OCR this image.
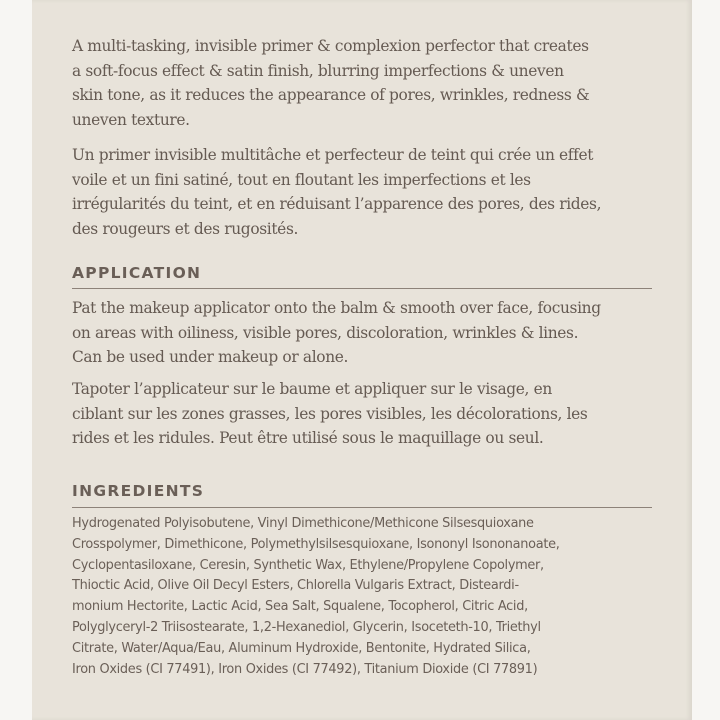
A multi-tasking, invisible primer & complexion perfector that creates
a soft-focus effect & satin finish, blurring imperfections & uneven
skin tone, as it reduces the appearance of pores, wrinkles, redness &
uneven texture.

Un primer invisible multitâche et perfecteur de teint qui crée un effet
voile et un fini satiné, tout en floutant les imperfections et les
irrégularités du teint, et en réduisant l’apparence des pores, des rides,
des rougeurs et des rugosités.

APPLICATION

Pat the makeup applicator onto the balm & smooth over face, focusing
on areas with oiliness, visible pores, discoloration, wrinkles & lines.
Can be used under makeup or alone.

Tapoter l’applicateur sur le baume et appliquer sur le visage, en
ciblant sur les zones grasses, les pores visibles, les décolorations, les
rides et les ridules. Peut être utilisé sous le maquillage ou seul.

INGREDIENTS

Hydrogenated Polyisobutene, Vinyl Dimethicone/Methicone Silsesquioxane
Crosspolymer, Dimethicone, Polymethylsilsesquioxane, Isononyl Isononanoate,
Cyclopentasiloxane, Ceresin, Synthetic Wax, Ethylene/Propylene Copolymer,
Thioctic Acid, Olive Oil Decyl Esters, Chlorella Vulgaris Extract, Disteardi-
monium Hectorite, Lactic Acid, Sea Salt, Squalene, Tocopherol, Citric Acid,
Polyglyceryl-2 Triisostearate, 1,2-Hexanediol, Glycerin, Isoceteth-10, Triethyl
Citrate, Water/Aqua/Eau, Aluminum Hydroxide, Bentonite, Hydrated Silica,
Iron Oxides (CI 77491), Iron Oxides (CI 77492), Titanium Dioxide (CI 77891)
